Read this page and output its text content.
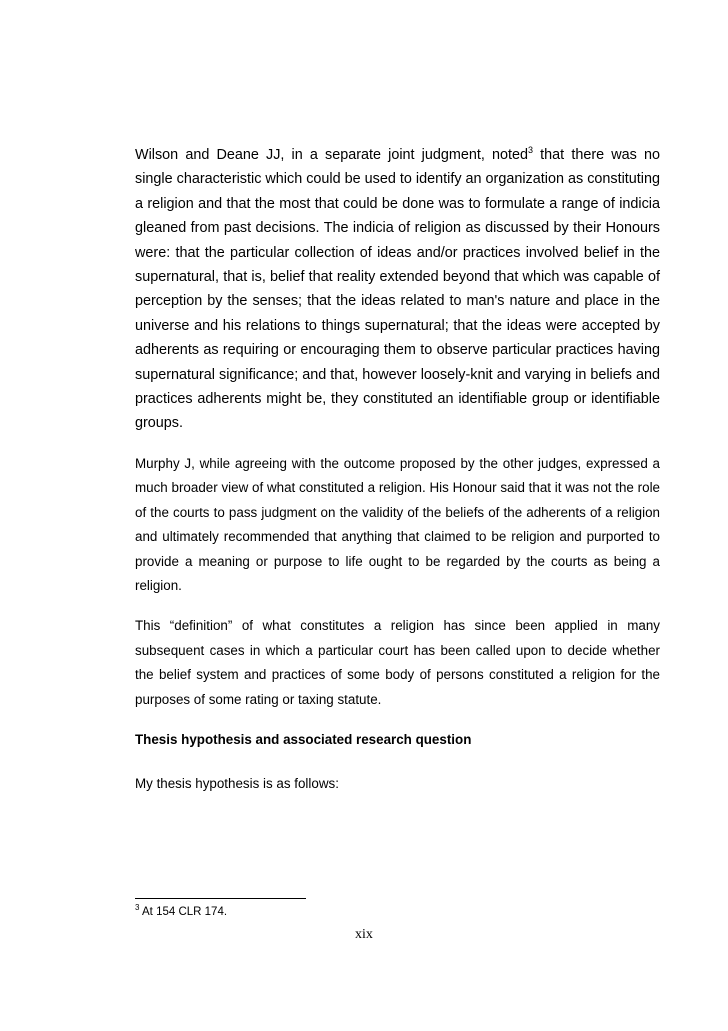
Wilson and Deane JJ, in a separate joint judgment, noted$^3$ that there was no single characteristic which could be used to identify an organization as constituting a religion and that the most that could be done was to formulate a range of indicia gleaned from past decisions. The indicia of religion as discussed by their Honours were: that the particular collection of ideas and/or practices involved belief in the supernatural, that is, belief that reality extended beyond that which was capable of perception by the senses; that the ideas related to man's nature and place in the universe and his relations to things supernatural; that the ideas were accepted by adherents as requiring or encouraging them to observe particular practices having supernatural significance; and that, however loosely-knit and varying in beliefs and practices adherents might be, they constituted an identifiable group or identifiable groups.

Murphy J, while agreeing with the outcome proposed by the other judges, expressed a much broader view of what constituted a religion. His Honour said that it was not the role of the courts to pass judgment on the validity of the beliefs of the adherents of a religion and ultimately recommended that anything that claimed to be religion and purported to provide a meaning or purpose to life ought to be regarded by the courts as being a religion.

This “definition” of what constitutes a religion has since been applied in many subsequent cases in which a particular court has been called upon to decide whether the belief system and practices of some body of persons constituted a religion for the purposes of some rating or taxing statute.

Thesis hypothesis and associated research question

My thesis hypothesis is as follows:

$^3$ At 154 CLR 174.
xix
